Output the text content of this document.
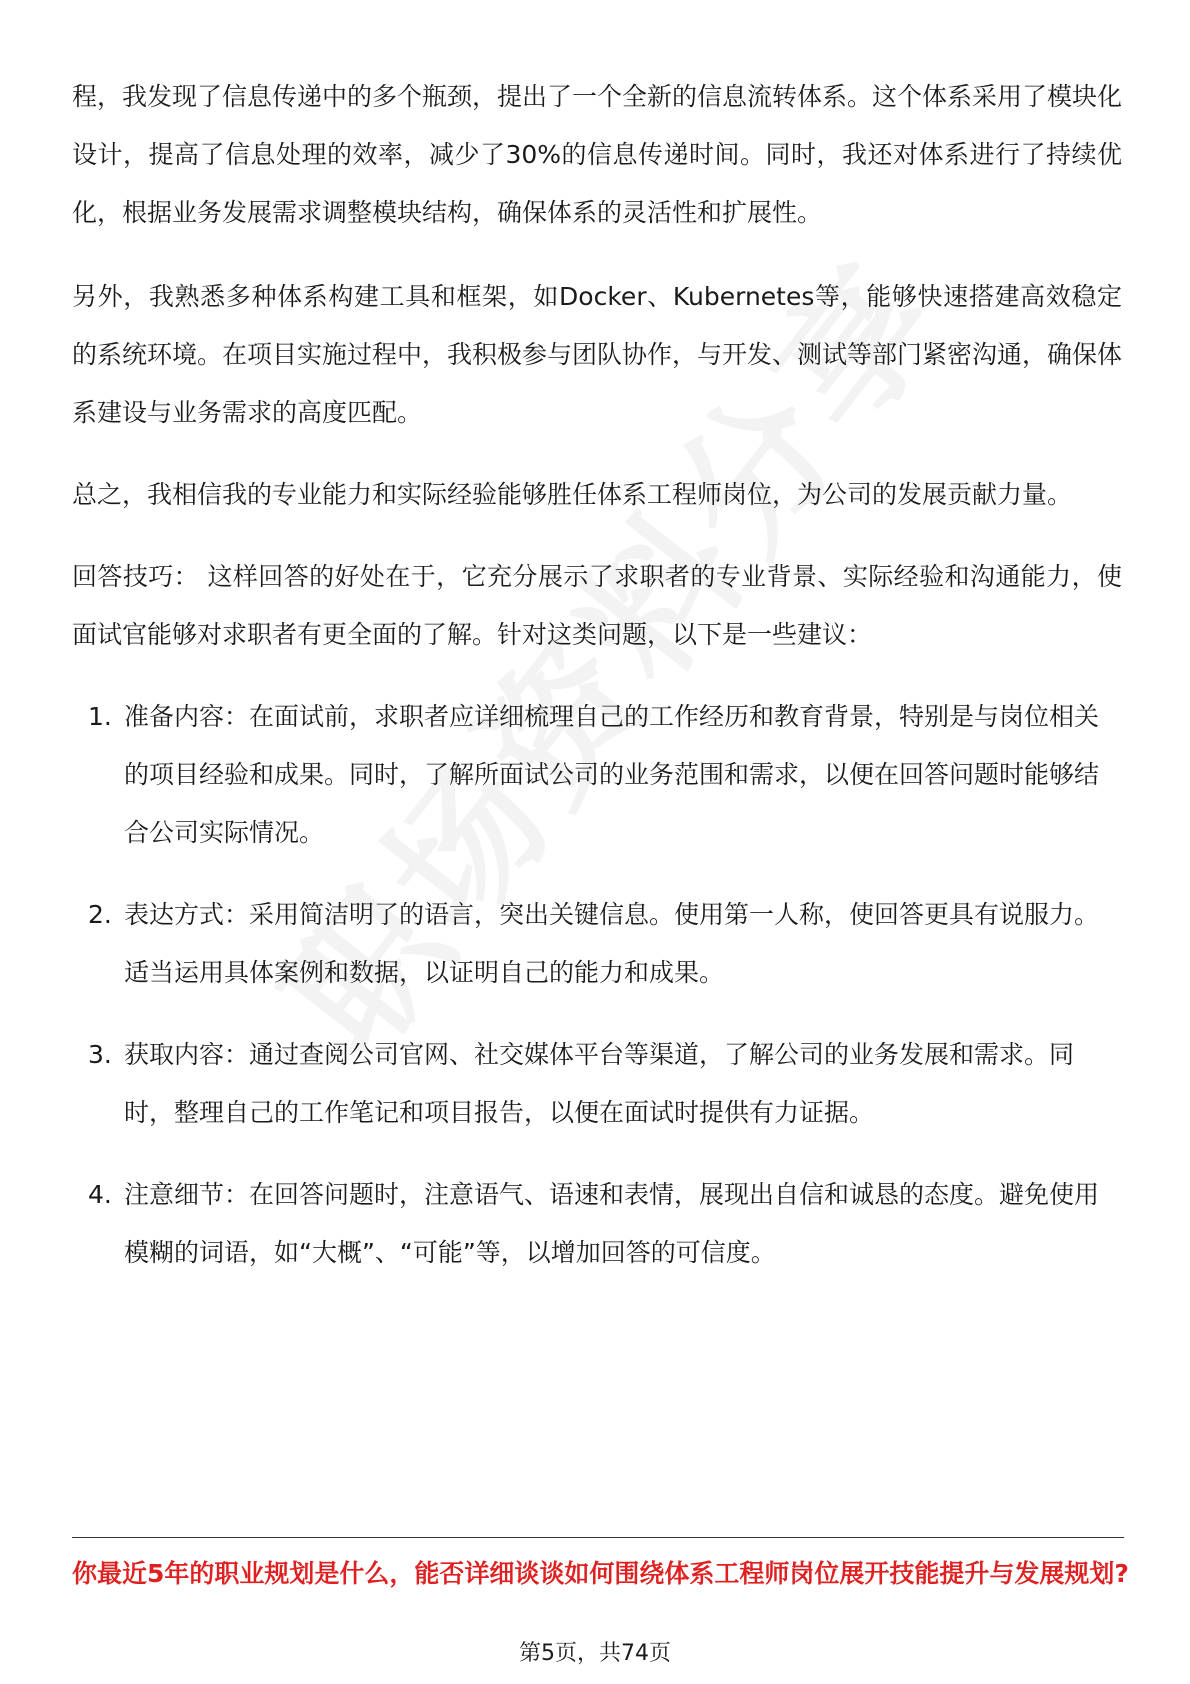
程，我发现了信息传递中的多个瓶颈，提出了一个全新的信息流转体系。这个体系采用了模块化设计，提高了信息处理的效率，减少了30%的信息传递时间。同时，我还对体系进行了持续优化，根据业务发展需求调整模块结构，确保体系的灵活性和扩展性。

另外，我熟悉多种体系构建工具和框架，如Docker、Kubernetes等，能够快速搭建高效稳定的系统环境。在项目实施过程中，我积极参与团队协作，与开发、测试等部门紧密沟通，确保体系建设与业务需求的高度匹配。

总之，我相信我的专业能力和实际经验能够胜任体系工程师岗位，为公司的发展贡献力量。

回答技巧： 这样回答的好处在于，它充分展示了求职者的专业背景、实际经验和沟通能力，使面试官能够对求职者有更全面的了解。针对这类问题，以下是一些建议：

1. 准备内容：在面试前，求职者应详细梳理自己的工作经历和教育背景，特别是与岗位相关的项目经验和成果。同时，了解所面试公司的业务范围和需求，以便在回答问题时能够结合公司实际情况。
2. 表达方式：采用简洁明了的语言，突出关键信息。使用第一人称，使回答更具有说服力。适当运用具体案例和数据，以证明自己的能力和成果。
3. 获取内容：通过查阅公司官网、社交媒体平台等渠道，了解公司的业务发展和需求。同时，整理自己的工作笔记和项目报告，以便在面试时提供有力证据。
4. 注意细节：在回答问题时，注意语气、语速和表情，展现出自信和诚恳的态度。避免使用模糊的词语，如“大概”、“可能”等，以增加回答的可信度。
你最近5年的职业规划是什么，能否详细谈谈如何围绕体系工程师岗位展开技能提升与发展规划?
第5页，共74页
